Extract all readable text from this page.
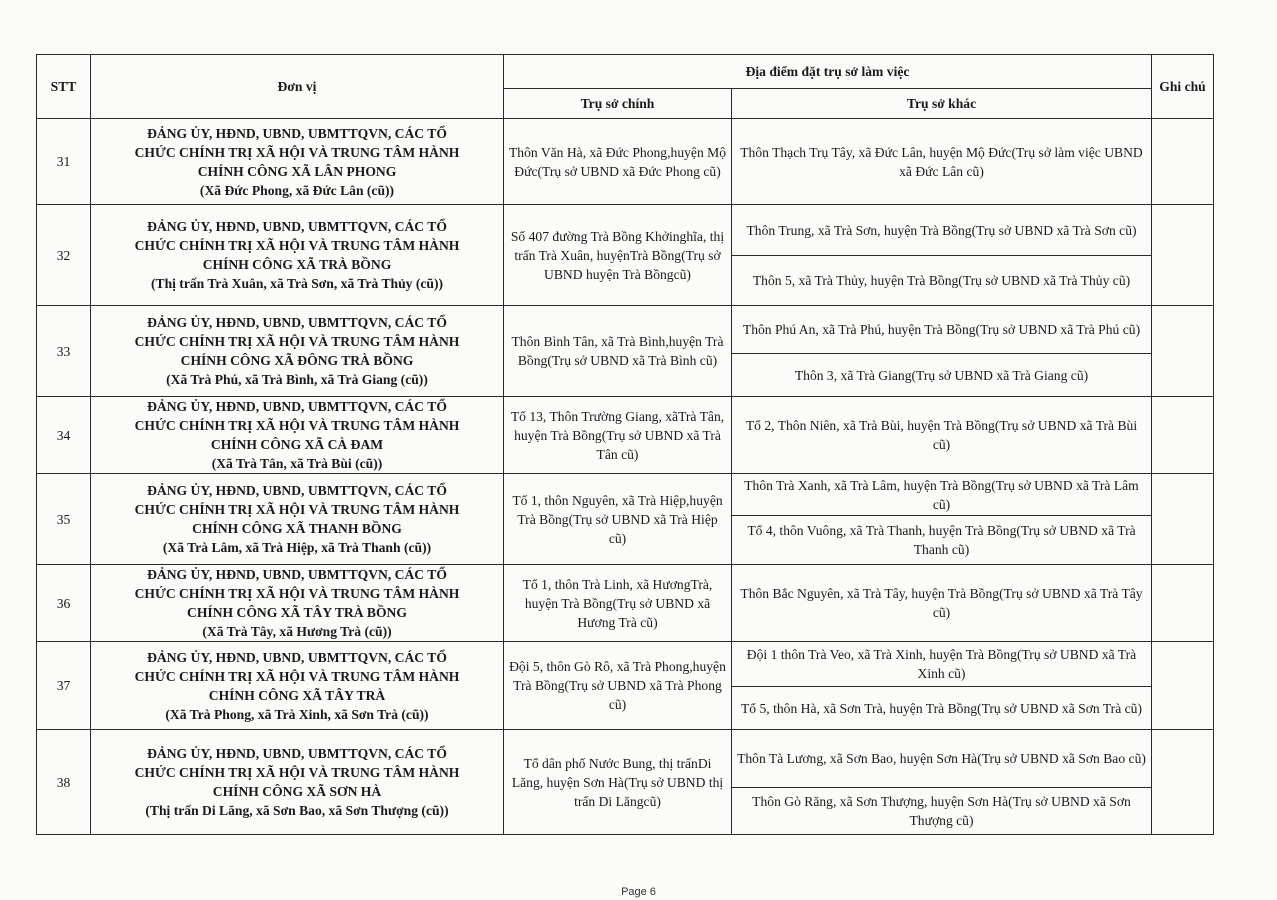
STT	Đơn vị	Địa điểm đặt trụ sở làm việc		Ghi chú
		Trụ sở chính	Trụ sở khác	
31	ĐẢNG ỦY, HĐND, UBND, UBMTTQVN, CÁC TỔ
CHỨC CHÍNH TRỊ XÃ HỘI VÀ TRUNG TÂM HÀNH
CHÍNH CÔNG XÃ LÂN PHONG
(Xã Đức Phong, xã Đức Lân (cũ))	Thôn Văn Hà, xã Đức Phong,huyện Mộ Đức(Trụ sở UBND xã Đức Phong cũ)	Thôn Thạch Trụ Tây, xã Đức Lân, huyện Mộ Đức(Trụ sở làm việc UBND xã Đức Lân cũ)	
32	ĐẢNG ỦY, HĐND, UBND, UBMTTQVN, CÁC TỔ
CHỨC CHÍNH TRỊ XÃ HỘI VÀ TRUNG TÂM HÀNH
CHÍNH CÔNG XÃ TRÀ BỒNG
(Thị trấn Trà Xuân, xã Trà Sơn, xã Trà Thủy (cũ))	Số 407 đường Trà Bồng Khởinghĩa, thị trấn Trà Xuân, huyệnTrà Bồng(Trụ sở UBND huyện Trà Bồngcũ)	Thôn Trung, xã Trà Sơn, huyện Trà Bồng(Trụ sở UBND xã Trà Sơn cũ)	
			Thôn 5, xã Trà Thủy, huyện Trà Bồng(Trụ sở UBND xã Trà Thủy cũ)	
33	ĐẢNG ỦY, HĐND, UBND, UBMTTQVN, CÁC TỔ
CHỨC CHÍNH TRỊ XÃ HỘI VÀ TRUNG TÂM HÀNH
CHÍNH CÔNG XÃ ĐÔNG TRÀ BỒNG
(Xã Trà Phú, xã Trà Bình, xã Trà Giang (cũ))	Thôn Bình Tân, xã Trà Bình,huyện Trà Bồng(Trụ sở UBND xã Trà Bình cũ)	Thôn Phú An, xã Trà Phú, huyện Trà Bồng(Trụ sở UBND xã Trà Phú cũ)	
			Thôn 3, xã Trà Giang(Trụ sở UBND xã Trà Giang cũ)	
34	ĐẢNG ỦY, HĐND, UBND, UBMTTQVN, CÁC TỔ
CHỨC CHÍNH TRỊ XÃ HỘI VÀ TRUNG TÂM HÀNH
CHÍNH CÔNG XÃ CÀ ĐAM
(Xã Trà Tân, xã Trà Bùi (cũ))	Tổ 13, Thôn Trường Giang, xãTrà Tân, huyện Trà Bồng(Trụ sở UBND xã Trà Tân cũ)	Tổ 2, Thôn Niên, xã Trà Bùi, huyện Trà Bồng(Trụ sở UBND xã Trà Bùi cũ)	
35	ĐẢNG ỦY, HĐND, UBND, UBMTTQVN, CÁC TỔ
CHỨC CHÍNH TRỊ XÃ HỘI VÀ TRUNG TÂM HÀNH
CHÍNH CÔNG XÃ THANH BỒNG
(Xã Trà Lâm, xã Trà Hiệp, xã Trà Thanh (cũ))	Tổ 1, thôn Nguyên, xã Trà Hiệp,huyện Trà Bồng(Trụ sở UBND xã Trà Hiệp cũ)	Thôn Trà Xanh, xã Trà Lâm, huyện Trà Bồng(Trụ sở UBND xã Trà Lâm cũ)	
			Tổ 4, thôn Vuông, xã Trà Thanh, huyện Trà Bồng(Trụ sở UBND xã Trà Thanh cũ)	
36	ĐẢNG ỦY, HĐND, UBND, UBMTTQVN, CÁC TỔ
CHỨC CHÍNH TRỊ XÃ HỘI VÀ TRUNG TÂM HÀNH
CHÍNH CÔNG XÃ TÂY TRÀ BỒNG
(Xã Trà Tây, xã Hương Trà (cũ))	Tổ 1, thôn Trà Linh, xã HươngTrà, huyện Trà Bồng(Trụ sở UBND xã Hương Trà cũ)	Thôn Bắc Nguyên, xã Trà Tây, huyện Trà Bồng(Trụ sở UBND xã Trà Tây cũ)	
37	ĐẢNG ỦY, HĐND, UBND, UBMTTQVN, CÁC TỔ
CHỨC CHÍNH TRỊ XÃ HỘI VÀ TRUNG TÂM HÀNH
CHÍNH CÔNG XÃ TÂY TRÀ
(Xã Trà Phong, xã Trà Xinh, xã Sơn Trà (cũ))	Đội 5, thôn Gò Rô, xã Trà Phong,huyện Trà Bồng(Trụ sở UBND xã Trà Phong cũ)	Đội 1 thôn Trà Veo, xã Trà Xinh, huyện Trà Bồng(Trụ sở UBND xã Trà Xinh cũ)	
			Tổ 5, thôn Hà, xã Sơn Trà, huyện Trà Bồng(Trụ sở UBND xã Sơn Trà cũ)	
38	ĐẢNG ỦY, HĐND, UBND, UBMTTQVN, CÁC TỔ
CHỨC CHÍNH TRỊ XÃ HỘI VÀ TRUNG TÂM HÀNH
CHÍNH CÔNG XÃ SƠN HÀ
(Thị trấn Di Lăng, xã Sơn Bao, xã Sơn Thượng (cũ))	Tổ dân phố Nước Bung, thị trấnDi Lăng, huyện Sơn Hà(Trụ sở UBND thị trấn Di Lăngcũ)	Thôn Tà Lương, xã Sơn Bao, huyện Sơn Hà(Trụ sở UBND xã Sơn Bao cũ)	
			Thôn Gò Răng, xã Sơn Thượng, huyện Sơn Hà(Trụ sở UBND xã Sơn Thượng cũ)	
Page 6
